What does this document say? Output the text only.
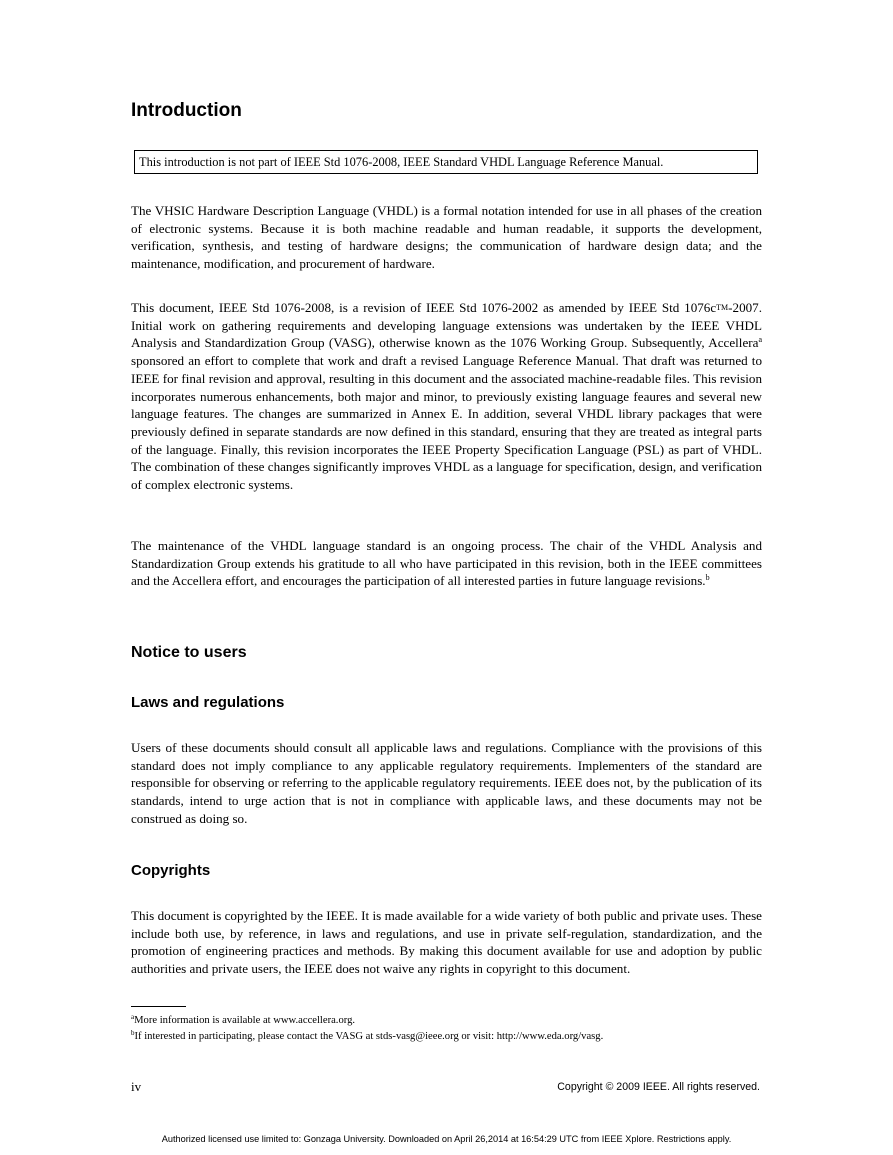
Introduction
This introduction is not part of IEEE Std 1076-2008, IEEE Standard VHDL Language Reference Manual.

The VHSIC Hardware Description Language (VHDL) is a formal notation intended for use in all phases of the creation of electronic systems. Because it is both machine readable and human readable, it supports the development, verification, synthesis, and testing of hardware designs; the communication of hardware design data; and the maintenance, modification, and procurement of hardware.

This document, IEEE Std 1076-2008, is a revision of IEEE Std 1076-2002 as amended by IEEE Std 1076cTM-2007. Initial work on gathering requirements and developing language extensions was undertaken by the IEEE VHDL Analysis and Standardization Group (VASG), otherwise known as the 1076 Working Group. Subsequently, Accellera$^a$ sponsored an effort to complete that work and draft a revised Language Reference Manual. That draft was returned to IEEE for final revision and approval, resulting in this document and the associated machine-readable files. This revision incorporates numerous enhancements, both major and minor, to previously existing language feaures and several new language features. The changes are summarized in Annex E. In addition, several VHDL library packages that were previously defined in separate standards are now defined in this standard, ensuring that they are treated as integral parts of the language. Finally, this revision incorporates the IEEE Property Specification Language (PSL) as part of VHDL. The combination of these changes significantly improves VHDL as a language for specification, design, and verification of complex electronic systems.

The maintenance of the VHDL language standard is an ongoing process. The chair of the VHDL Analysis and Standardization Group extends his gratitude to all who have participated in this revision, both in the IEEE committees and the Accellera effort, and encourages the participation of all interested parties in future language revisions.$^b$

Notice to users
Laws and regulations

Users of these documents should consult all applicable laws and regulations. Compliance with the provisions of this standard does not imply compliance to any applicable regulatory requirements. Implementers of the standard are responsible for observing or referring to the applicable regulatory requirements. IEEE does not, by the publication of its standards, intend to urge action that is not in compliance with applicable laws, and these documents may not be construed as doing so.

Copyrights

This document is copyrighted by the IEEE. It is made available for a wide variety of both public and private uses. These include both use, by reference, in laws and regulations, and use in private self-regulation, standardization, and the promotion of engineering practices and methods. By making this document available for use and adoption by public authorities and private users, the IEEE does not waive any rights in copyright to this document.

$^a$More information is available at www.accellera.org.
$^b$If interested in participating, please contact the VASG at stds-vasg@ieee.org or visit: http://www.eda.org/vasg.
iv	Copyright © 2009 IEEE. All rights reserved.
Authorized licensed use limited to: Gonzaga University. Downloaded on April 26,2014 at 16:54:29 UTC from IEEE Xplore. Restrictions apply.
